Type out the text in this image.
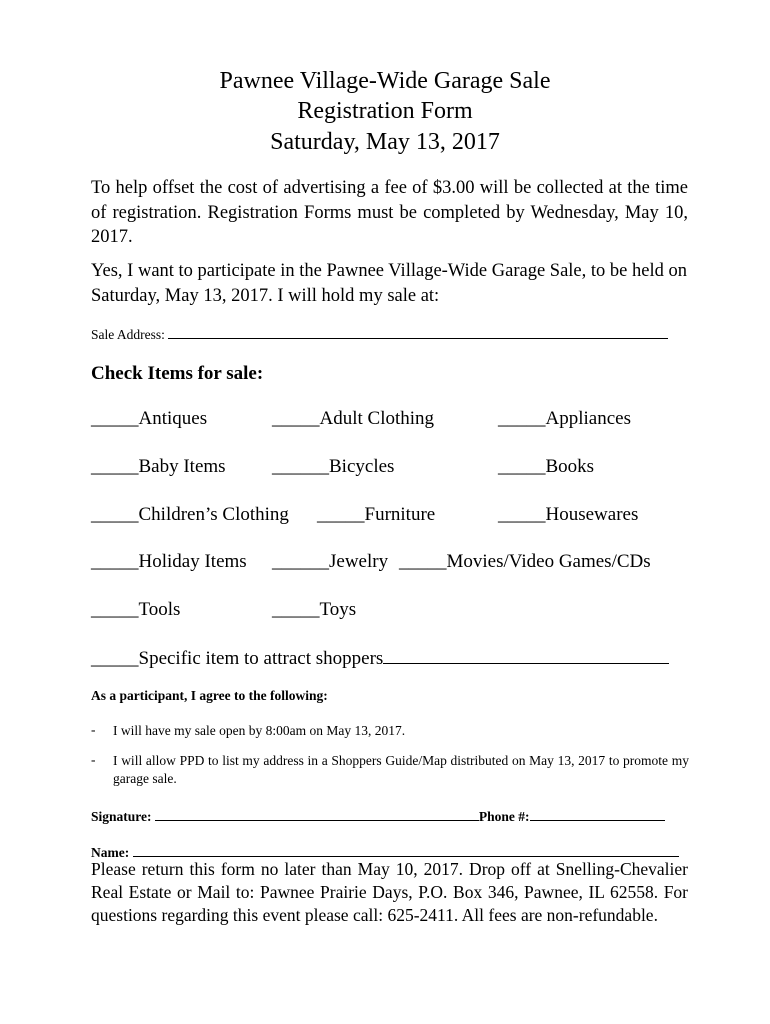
Pawnee Village-Wide Garage Sale
Registration Form
Saturday, May 13, 2017
To help offset the cost of advertising a fee of $3.00 will be collected at the time of registration. Registration Forms must be completed by Wednesday, May 10, 2017.
Yes, I want to participate in the Pawnee Village-Wide Garage Sale, to be held on Saturday, May 13, 2017. I will hold my sale at:
Sale Address:
Check Items for sale:
_____Antiques	_____Adult Clothing	_____Appliances
_____Baby Items ______Bicycles	_____Books
_____Children’s Clothing _____Furniture	_____Housewares
_____Holiday Items ______Jewelry _____Movies/Video Games/CDs
_____Tools	_____Toys
_____Specific item to attract shoppers
As a participant, I agree to the following:
- I will have my sale open by 8:00am on May 13, 2017.
- I will allow PPD to list my address in a Shoppers Guide/Map distributed on May 13, 2017 to promote my garage sale.
Signature:	Phone #:
Name:
Please return this form no later than May 10, 2017. Drop off at Snelling-Chevalier Real Estate or Mail to: Pawnee Prairie Days, P.O. Box 346, Pawnee, IL 62558. For questions regarding this event please call: 625-2411. All fees are non-refundable.
